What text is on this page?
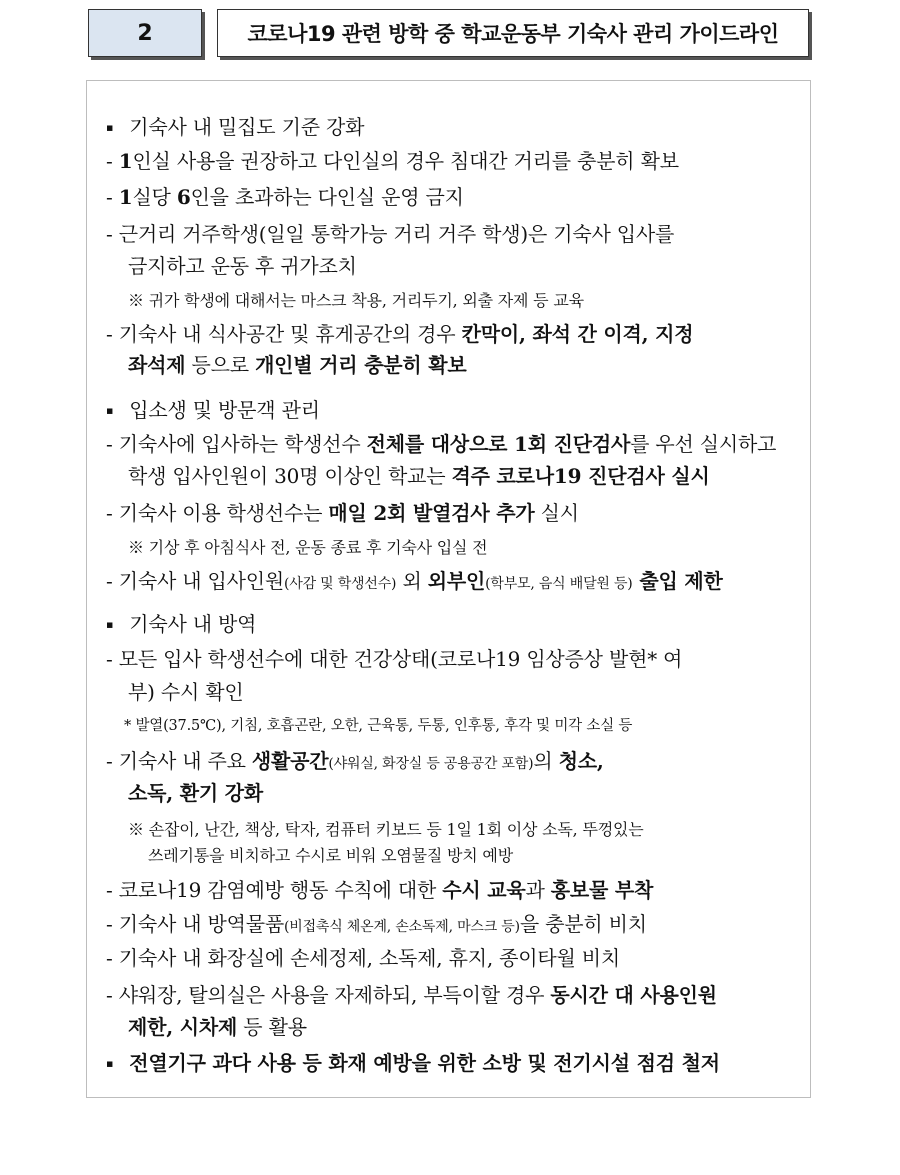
2	코로나19 관련 방학 중 학교운동부 기숙사 관리 가이드라인
▪ 기숙사 내 밀집도 기준 강화
- 1인실 사용을 권장하고 다인실의 경우 침대간 거리를 충분히 확보
- 1실당 6인을 초과하는 다인실 운영 금지
- 근거리 거주학생(일일 통학가능 거리 거주 학생)은 기숙사 입사를
금지하고 운동 후 귀가조치
※ 귀가 학생에 대해서는 마스크 착용, 거리두기, 외출 자제 등 교육
- 기숙사 내 식사공간 및 휴게공간의 경우 칸막이, 좌석 간 이격, 지정
좌석제 등으로 개인별 거리 충분히 확보
▪ 입소생 및 방문객 관리
- 기숙사에 입사하는 학생선수 전체를 대상으로 1회 진단검사를 우선 실시하고
학생 입사인원이 30명 이상인 학교는 격주 코로나19 진단검사 실시
- 기숙사 이용 학생선수는 매일 2회 발열검사 추가 실시
※ 기상 후 아침식사 전, 운동 종료 후 기숙사 입실 전
- 기숙사 내 입사인원(사감 및 학생선수) 외 외부인(학부모, 음식 배달원 등) 출입 제한
▪ 기숙사 내 방역
- 모든 입사 학생선수에 대한 건강상태(코로나19 임상증상 발현* 여
부) 수시 확인
* 발열(37.5℃), 기침, 호흡곤란, 오한, 근육통, 두통, 인후통, 후각 및 미각 소실 등
- 기숙사 내 주요 생활공간(샤워실, 화장실 등 공용공간 포함)의 청소,
소독, 환기 강화
※ 손잡이, 난간, 책상, 탁자, 컴퓨터 키보드 등 1일 1회 이상 소독, 뚜껑있는
쓰레기통을 비치하고 수시로 비워 오염물질 방치 예방
- 코로나19 감염예방 행동 수칙에 대한 수시 교육과 홍보물 부착
- 기숙사 내 방역물품(비접촉식 체온계, 손소독제, 마스크 등)을 충분히 비치
- 기숙사 내 화장실에 손세정제, 소독제, 휴지, 종이타월 비치
- 샤워장, 탈의실은 사용을 자제하되, 부득이할 경우 동시간 대 사용인원
제한, 시차제 등 활용
▪ 전열기구 과다 사용 등 화재 예방을 위한 소방 및 전기시설 점검 철저
